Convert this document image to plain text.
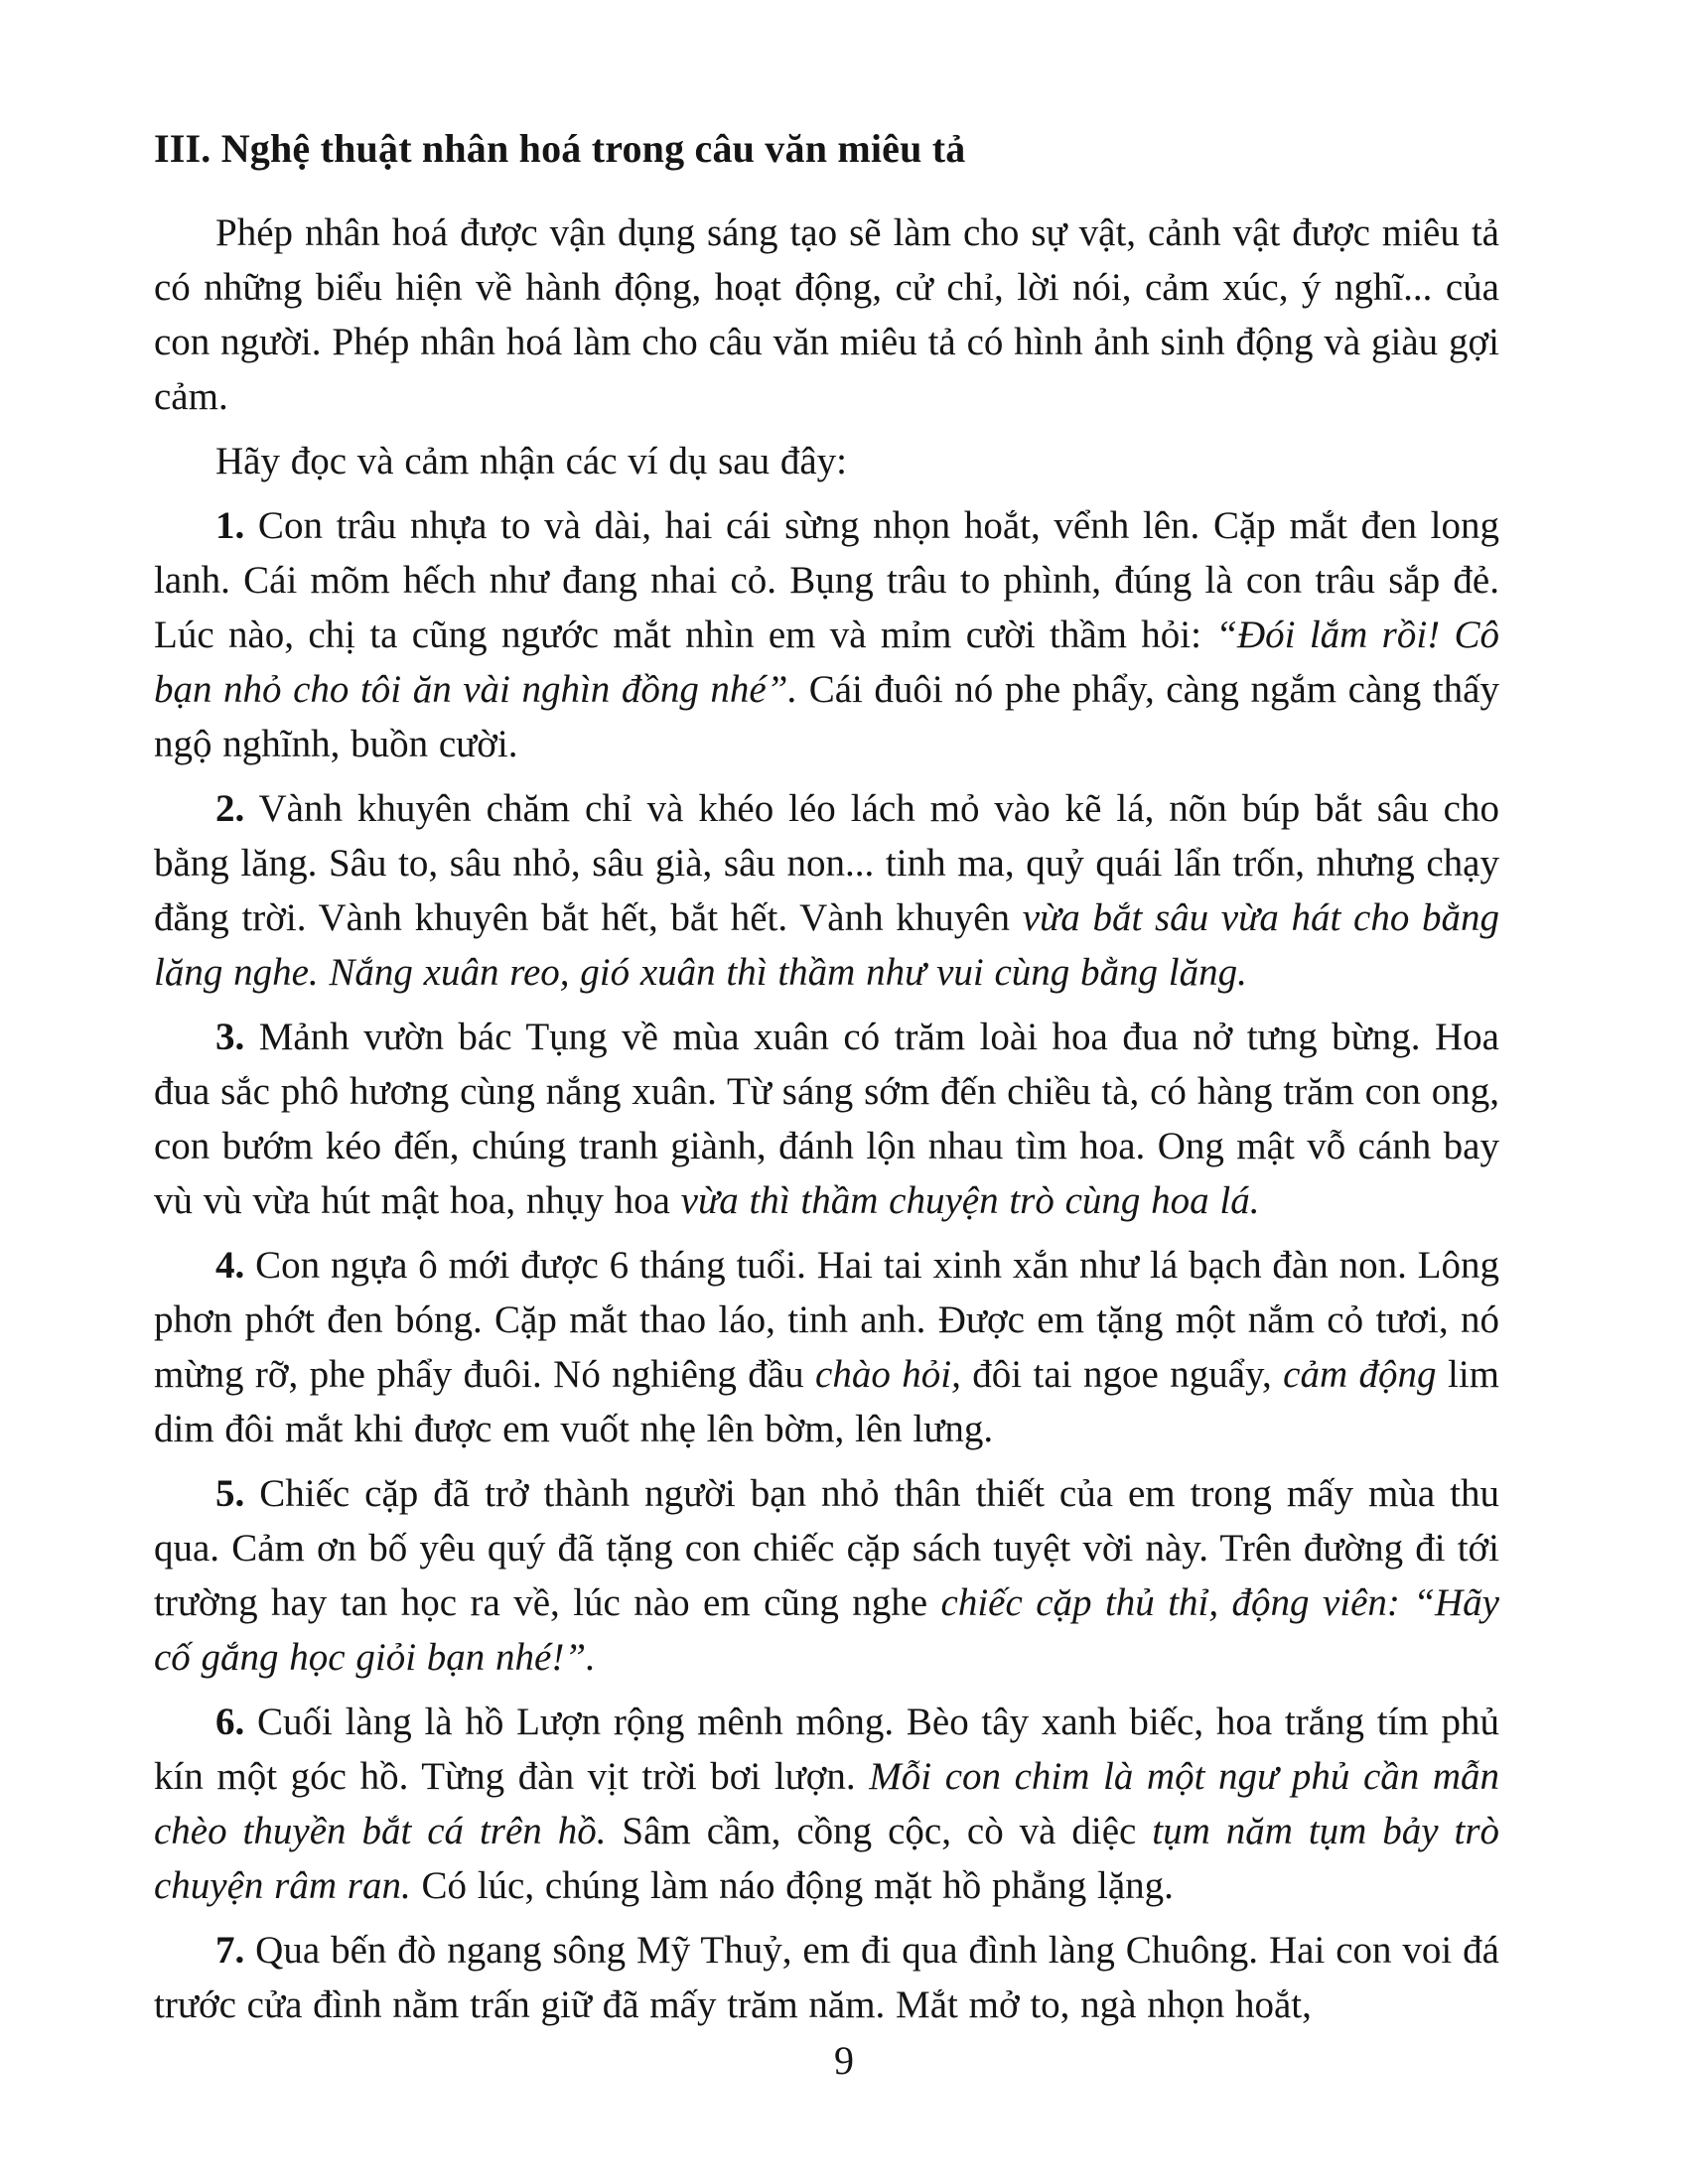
III. Nghệ thuật nhân hoá trong câu văn miêu tả

Phép nhân hoá được vận dụng sáng tạo sẽ làm cho sự vật, cảnh vật được miêu tả có những biểu hiện về hành động, hoạt động, cử chỉ, lời nói, cảm xúc, ý nghĩ... của con người. Phép nhân hoá làm cho câu văn miêu tả có hình ảnh sinh động và giàu gợi cảm.

Hãy đọc và cảm nhận các ví dụ sau đây:

1. Con trâu nhựa to và dài, hai cái sừng nhọn hoắt, vểnh lên. Cặp mắt đen long lanh. Cái mõm hếch như đang nhai cỏ. Bụng trâu to phình, đúng là con trâu sắp đẻ. Lúc nào, chị ta cũng ngước mắt nhìn em và mỉm cười thầm hỏi: “Đói lắm rồi! Cô bạn nhỏ cho tôi ăn vài nghìn đồng nhé”. Cái đuôi nó phe phẩy, càng ngắm càng thấy ngộ nghĩnh, buồn cười.

2. Vành khuyên chăm chỉ và khéo léo lách mỏ vào kẽ lá, nõn búp bắt sâu cho bằng lăng. Sâu to, sâu nhỏ, sâu già, sâu non... tinh ma, quỷ quái lẩn trốn, nhưng chạy đằng trời. Vành khuyên bắt hết, bắt hết. Vành khuyên vừa bắt sâu vừa hát cho bằng lăng nghe. Nắng xuân reo, gió xuân thì thầm như vui cùng bằng lăng.

3. Mảnh vườn bác Tụng về mùa xuân có trăm loài hoa đua nở tưng bừng. Hoa đua sắc phô hương cùng nắng xuân. Từ sáng sớm đến chiều tà, có hàng trăm con ong, con bướm kéo đến, chúng tranh giành, đánh lộn nhau tìm hoa. Ong mật vỗ cánh bay vù vù vừa hút mật hoa, nhụy hoa vừa thì thầm chuyện trò cùng hoa lá.

4. Con ngựa ô mới được 6 tháng tuổi. Hai tai xinh xắn như lá bạch đàn non. Lông phơn phớt đen bóng. Cặp mắt thao láo, tinh anh. Được em tặng một nắm cỏ tươi, nó mừng rỡ, phe phẩy đuôi. Nó nghiêng đầu chào hỏi, đôi tai ngoe nguẩy, cảm động lim dim đôi mắt khi được em vuốt nhẹ lên bờm, lên lưng.

5. Chiếc cặp đã trở thành người bạn nhỏ thân thiết của em trong mấy mùa thu qua. Cảm ơn bố yêu quý đã tặng con chiếc cặp sách tuyệt vời này. Trên đường đi tới trường hay tan học ra về, lúc nào em cũng nghe chiếc cặp thủ thỉ, động viên: “Hãy cố gắng học giỏi bạn nhé!”.

6. Cuối làng là hồ Lượn rộng mênh mông. Bèo tây xanh biếc, hoa trắng tím phủ kín một góc hồ. Từng đàn vịt trời bơi lượn. Mỗi con chim là một ngư phủ cần mẫn chèo thuyền bắt cá trên hồ. Sâm cầm, cồng cộc, cò và diệc tụm năm tụm bảy trò chuyện râm ran. Có lúc, chúng làm náo động mặt hồ phẳng lặng.

7. Qua bến đò ngang sông Mỹ Thuỷ, em đi qua đình làng Chuông. Hai con voi đá trước cửa đình nằm trấn giữ đã mấy trăm năm. Mắt mở to, ngà nhọn hoắt,

9
